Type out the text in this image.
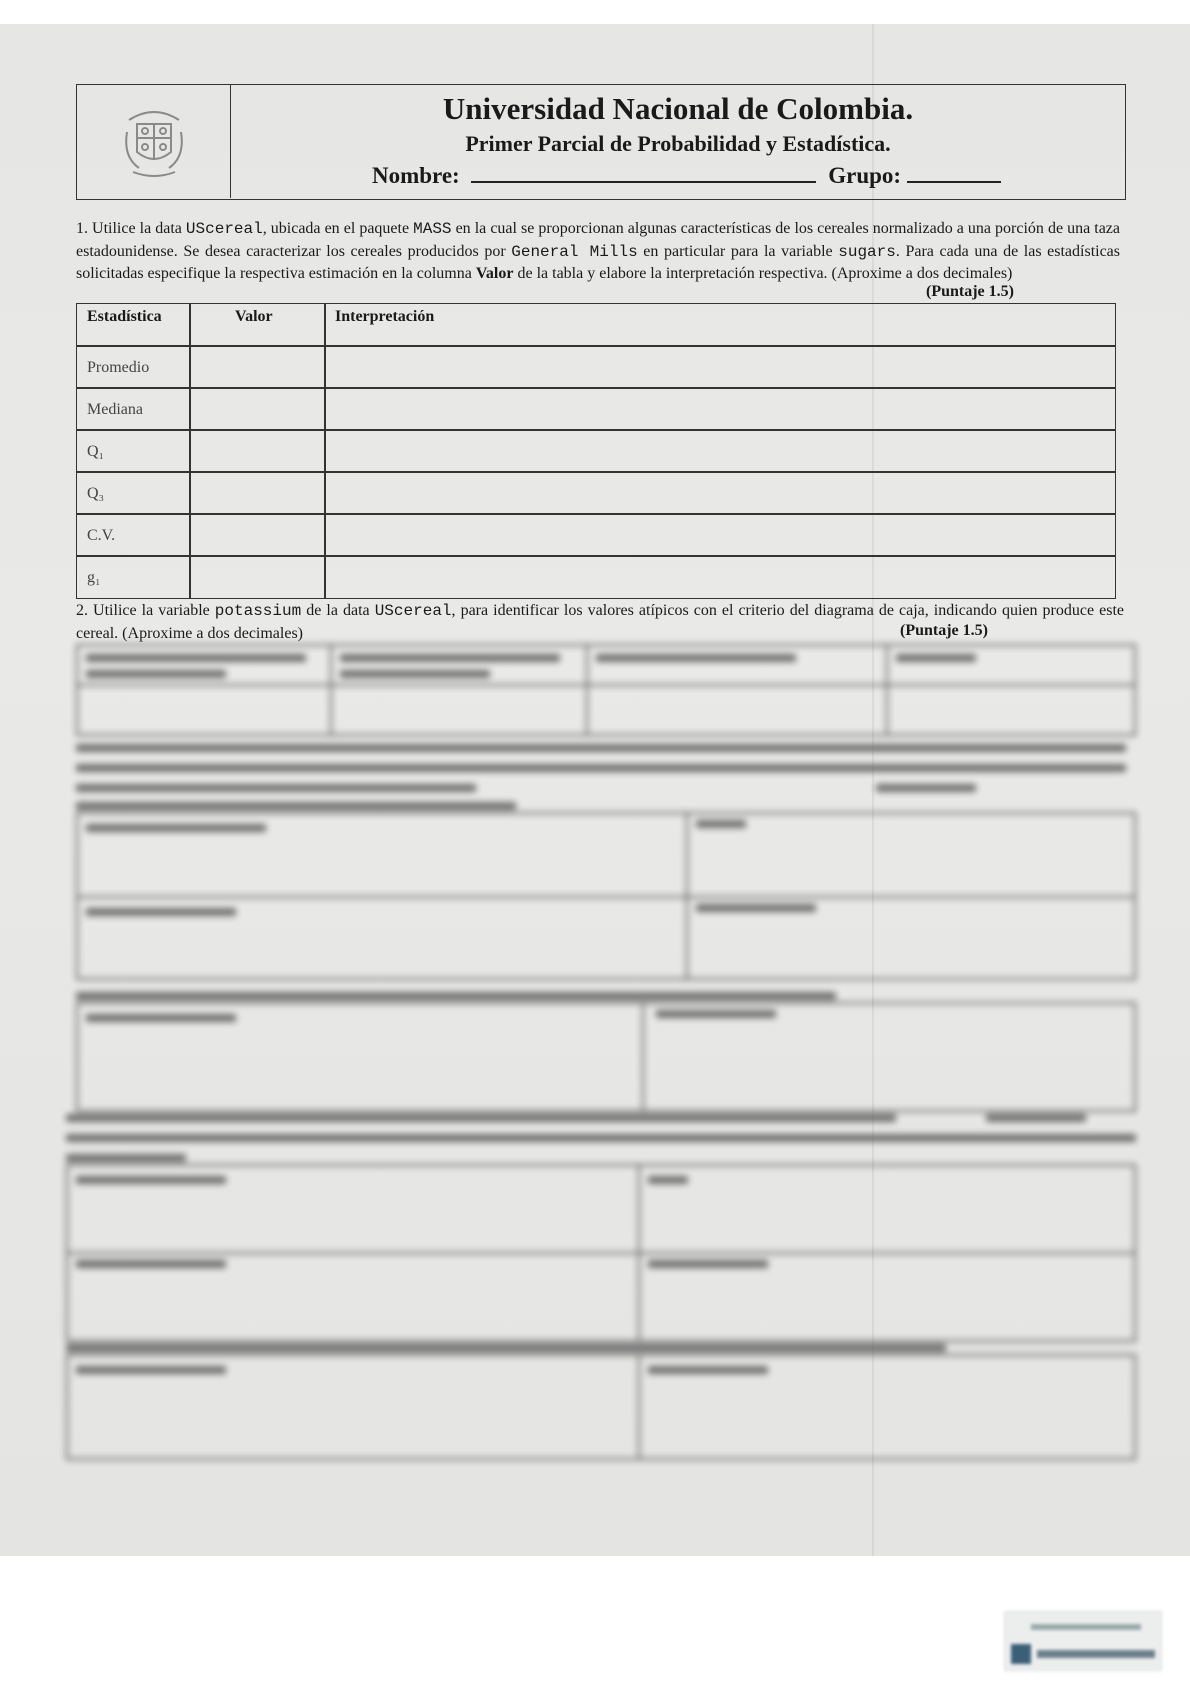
Universidad Nacional de Colombia.
Primer Parcial de Probabilidad y Estadística.
Nombre:	Grupo:
1. Utilice la data UScereal, ubicada en el paquete MASS en la cual se proporcionan algunas características de los cereales normalizado a una porción de una taza estadounidense. Se desea caracterizar los cereales producidos por General Mills en particular para la variable sugars. Para cada una de las estadísticas solicitadas especifique la respectiva estimación en la columna Valor de la tabla y elabore la interpretación respectiva. (Aproxime a dos decimales)
(Puntaje 1.5)
Estadística	Valor	Interpretación
Promedio
Mediana
Q₁
Q₃
C.V.
g₁
2. Utilice la variable potassium de la data UScereal, para identificar los valores atípicos con el criterio del diagrama de caja, indicando quien produce este cereal. (Aproxime a dos decimales)	(Puntaje 1.5)
